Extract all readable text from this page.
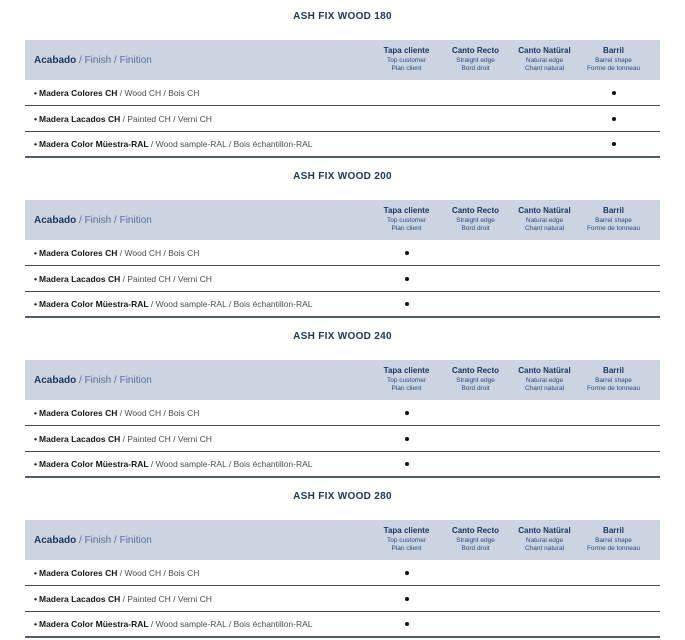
ASH FIX WOOD 180
Acabado / Finish / Finition
Tapa cliente
Top customer
Plan client
Canto Recto
Straight edge
Bord droit
Canto Natüral
Natural edge
Chant natural
Barril
Barrel shape
Forme de tonneau
• Madera Colores CH / Wood CH / Bois CH
• Madera Lacados CH / Painted CH / Verni CH
• Madera Color Müestra-RAL / Wood sample-RAL / Bois échantillon-RAL
ASH FIX WOOD 200
Acabado / Finish / Finition
Tapa cliente
Top customer
Plan client
Canto Recto
Straight edge
Bord droit
Canto Natüral
Natural edge
Chant natural
Barril
Barrel shape
Forme de tonneau
• Madera Colores CH / Wood CH / Bois CH
• Madera Lacados CH / Painted CH / Verni CH
• Madera Color Müestra-RAL / Wood sample-RAL / Bois échantillon-RAL
ASH FIX WOOD 240
Acabado / Finish / Finition
Tapa cliente
Top customer
Plan client
Canto Recto
Straight edge
Bord droit
Canto Natüral
Natural edge
Chant natural
Barril
Barrel shape
Forme de tonneau
• Madera Colores CH / Wood CH / Bois CH
• Madera Lacados CH / Painted CH / Verni CH
• Madera Color Müestra-RAL / Wood sample-RAL / Bois échantillon-RAL
ASH FIX WOOD 280
Acabado / Finish / Finition
Tapa cliente
Top customer
Plan client
Canto Recto
Straight edge
Bord droit
Canto Natüral
Natural edge
Chant natural
Barril
Barrel shape
Forme de tonneau
• Madera Colores CH / Wood CH / Bois CH
• Madera Lacados CH / Painted CH / Verni CH
• Madera Color Müestra-RAL / Wood sample-RAL / Bois échantillon-RAL
